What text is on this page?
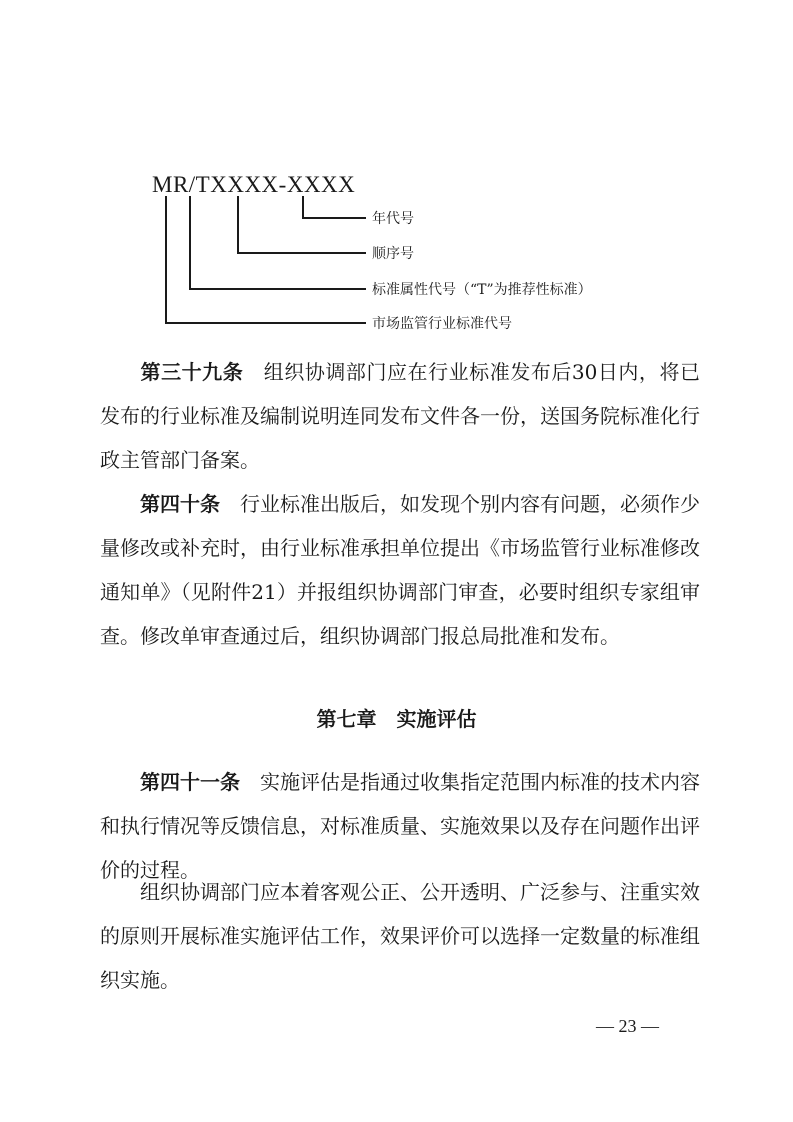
MR/TXXXX-XXXX
年代号
顺序号
标准属性代号（“T”为推荐性标准）
市场监管行业标准代号

第三十九条　 组织协调部门应在行业标准发布后30日内，将已发布的行业标准及编制说明连同发布文件各一份，送国务院标准化行政主管部门备案。

第四十条　 行业标准出版后，如发现个别内容有问题，必须作少量修改或补充时，由行业标准承担单位提出《市场监管行业标准修改通知单》（见附件21）并报组织协调部门审查，必要时组织专家组审查。修改单审查通过后，组织协调部门报总局批准和发布。

第七章　 实施评估

第四十一条　 实施评估是指通过收集指定范围内标准的技术内容和执行情况等反馈信息，对标准质量、实施效果以及存在问题作出评价的过程。

组织协调部门应本着客观公正、公开透明、广泛参与、注重实效的原则开展标准实施评估工作，效果评价可以选择一定数量的标准组织实施。

— 23 —
